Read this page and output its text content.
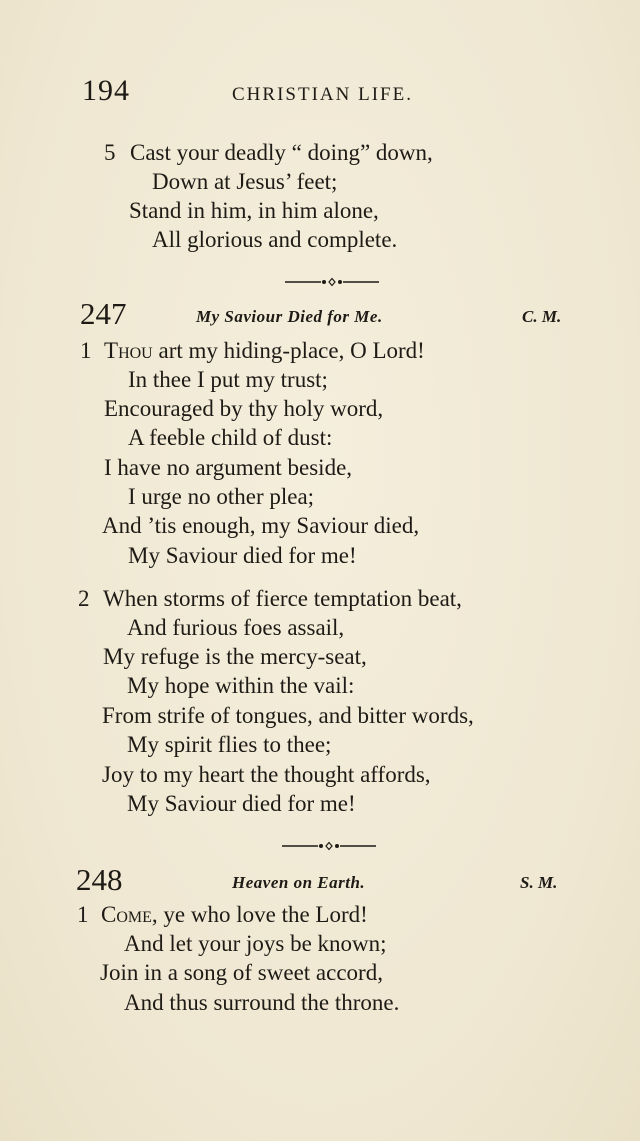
194	CHRISTIAN LIFE.
5 Cast your deadly “ doing” down,
Down at Jesus’ feet;
Stand in him, in him alone,
All glorious and complete.
247	My Saviour Died for Me.	C. M.
1 Thou art my hiding-place, O Lord!
In thee I put my trust;
Encouraged by thy holy word,
A feeble child of dust:
I have no argument beside,
I urge no other plea;
And ’tis enough, my Saviour died,
My Saviour died for me!
2 When storms of fierce temptation beat,
And furious foes assail,
My refuge is the mercy-seat,
My hope within the vail:
From strife of tongues, and bitter words,
My spirit flies to thee;
Joy to my heart the thought affords,
My Saviour died for me!
248	Heaven on Earth.	S. M.
1 Come, ye who love the Lord!
And let your joys be known;
Join in a song of sweet accord,
And thus surround the throne.
